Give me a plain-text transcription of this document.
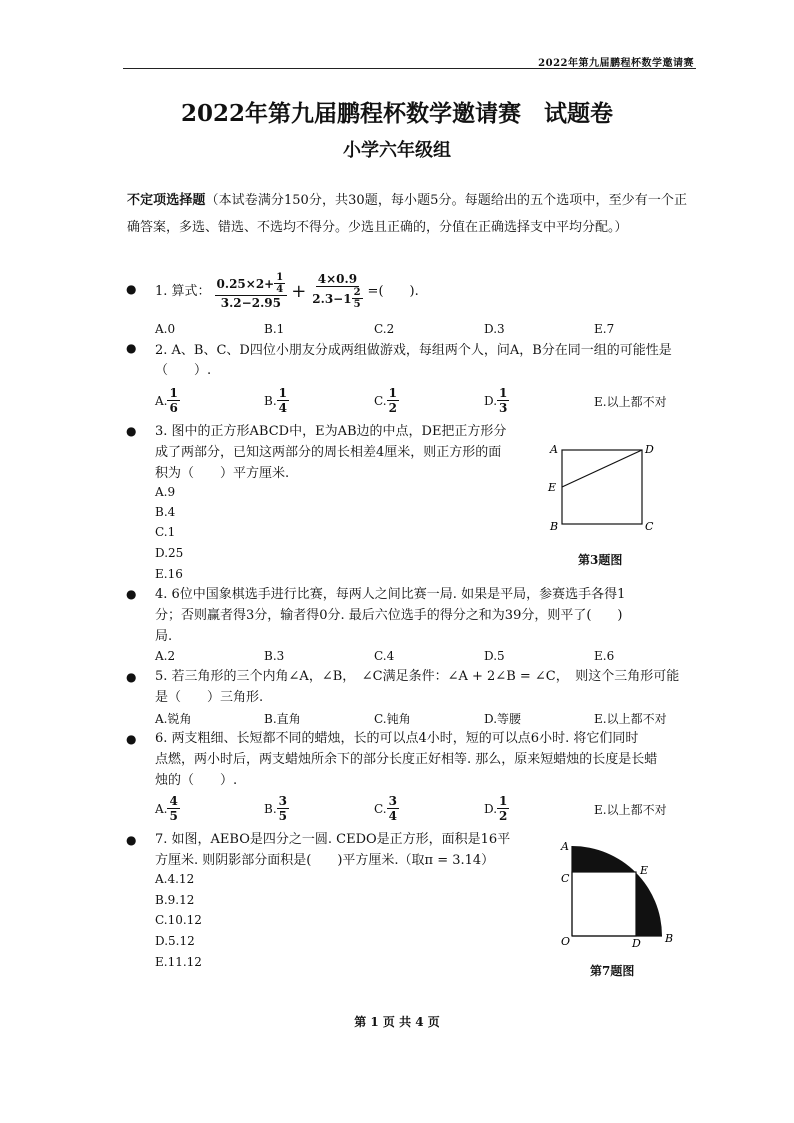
2022年第九届鹏程杯数学邀请赛
2022年第九届鹏程杯数学邀请赛　试题卷
小学六年级组
不定项选择题（本试卷满分150分，共30题，每小题5分。每题给出的五个选项中，至少有一个正确答案，多选、错选、不选均不得分。少选且正确的，分值在正确选择支中平均分配。）
● 1. 算式： $\frac{0.25\times 2+ \frac{1}{4}}{3.2-2.95} + \frac{4\times 0.9}{2.3-1 \frac{2}{5}}$ =(　　).
A.0	B.1	C.2	D.3	E.7
● 2. A、B、C、D四位小朋友分成两组做游戏，每组两个人，问A，B分在同一组的可能性是
（　　）.
A. $\frac{1}{6}$	B. $\frac{1}{4}$	C. $\frac{1}{2}$	D. $\frac{1}{3}$	E.以上都不对
● 3. 图中的正方形ABCD中，E为AB边的中点，DE把正方形分
成了两部分，已知这两部分的周长相差4厘米，则正方形的面
积为（　　）平方厘米.
A.9
B.4
C.1
D.25
E.16
A	D
E
B	C
第3题图
● 4. 6位中国象棋选手进行比赛，每两人之间比赛一局. 如果是平局，参赛选手各得1
分；否则赢者得3分，输者得0分. 最后六位选手的得分之和为39分，则平了(　　)
局.
A.2	B.3	C.4	D.5	E.6
● 5. 若三角形的三个内角∠A，∠B，　∠C满足条件：∠A + 2∠B = ∠C，　则这个三角形可能
是（　　）三角形.
A.锐角	B.直角	C.钝角	D.等腰	E.以上都不对
● 6. 两支粗细、长短都不同的蜡烛，长的可以点4小时，短的可以点6小时. 将它们同时
点燃，两小时后，两支蜡烛所余下的部分长度正好相等. 那么，原来短蜡烛的长度是长蜡
烛的（　　）.
A. $\frac{4}{5}$	B. $\frac{3}{5}$	C. $\frac{3}{4}$	D. $\frac{1}{2}$	E.以上都不对
● 7. 如图，AEBO是四分之一圆. CEDO是正方形，面积是16平
方厘米. 则阴影部分面积是(　　)平方厘米.（取π = 3.14）
A.4.12
B.9.12
C.10.12
D.5.12
E.11.12
A
C
E
O	D B
第7题图
第 1 页 共 4 页
